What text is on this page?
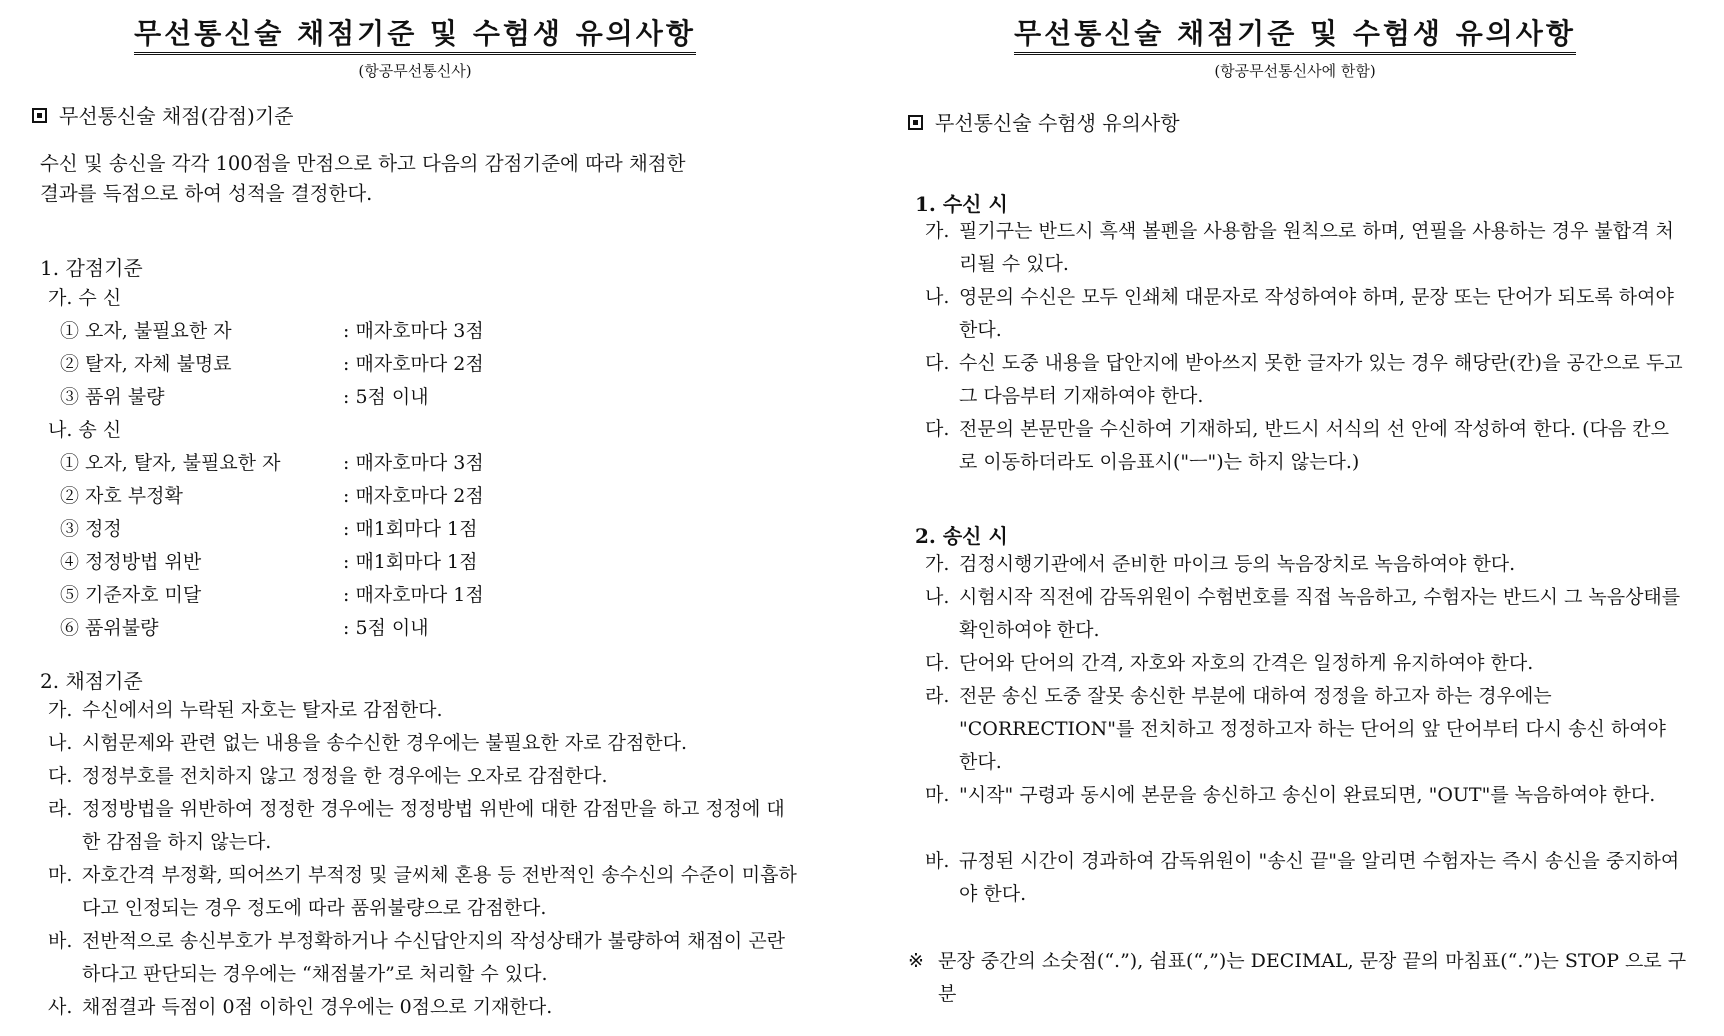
무선통신술 채점기준 및 수험생 유의사항
(항공무선통신사)
무선통신술 채점(감점)기준
수신 및 송신을 각각 100점을 만점으로 하고 다음의 감점기준에 따라 채점한
결과를 득점으로 하여 성적을 결정한다.
1. 감점기준
가. 수 신
① 오자, 불필요한 자	: 매자호마다 3점
② 탈자, 자체 불명료	: 매자호마다 2점
③ 품위 불량	: 5점 이내
나. 송 신
① 오자, 탈자, 불필요한 자	: 매자호마다 3점
② 자호 부정확	: 매자호마다 2점
③ 정정	: 매1회마다 1점
④ 정정방법 위반	: 매1회마다 1점
⑤ 기준자호 미달	: 매자호마다 1점
⑥ 품위불량	: 5점 이내
2. 채점기준
가. 수신에서의 누락된 자호는 탈자로 감점한다.
나. 시험문제와 관련 없는 내용을 송수신한 경우에는 불필요한 자로 감점한다.
다. 정정부호를 전치하지 않고 정정을 한 경우에는 오자로 감점한다.
라. 정정방법을 위반하여 정정한 경우에는 정정방법 위반에 대한 감점만을 하고 정정에 대한 감점을 하지 않는다.
마. 자호간격 부정확, 띄어쓰기 부적정 및 글씨체 혼용 등 전반적인 송수신의 수준이 미흡하다고 인정되는 경우 정도에 따라 품위불량으로 감점한다.
바. 전반적으로 송신부호가 부정확하거나 수신답안지의 작성상태가 불량하여 채점이 곤란하다고 판단되는 경우에는 “채점불가”로 처리할 수 있다.
사. 채점결과 득점이 0점 이하인 경우에는 0점으로 기재한다.
무선통신술 채점기준 및 수험생 유의사항
(항공무선통신사에 한함)
무선통신술 수험생 유의사항
1. 수신 시
가. 필기구는 반드시 흑색 볼펜을 사용함을 원칙으로 하며, 연필을 사용하는 경우 불합격 처리될 수 있다.
나. 영문의 수신은 모두 인쇄체 대문자로 작성하여야 하며, 문장 또는 단어가 되도록 하여야 한다.
다. 수신 도중 내용을 답안지에 받아쓰지 못한 글자가 있는 경우 해당란(칸)을 공간으로 두고 그 다음부터 기재하여야 한다.
다. 전문의 본문만을 수신하여 기재하되, 반드시 서식의 선 안에 작성하여 한다. (다음 칸으로 이동하더라도 이음표시("ㅡ")는 하지 않는다.)
2. 송신 시
가. 검정시행기관에서 준비한 마이크 등의 녹음장치로 녹음하여야 한다.
나. 시험시작 직전에 감독위원이 수험번호를 직접 녹음하고, 수험자는 반드시 그 녹음상태를 확인하여야 한다.
다. 단어와 단어의 간격, 자호와 자호의 간격은 일정하게 유지하여야 한다.
라. 전문 송신 도중 잘못 송신한 부분에 대하여 정정을 하고자 하는 경우에는 "CORRECTION"를 전치하고 정정하고자 하는 단어의 앞 단어부터 다시 송신 하여야 한다.
마. "시작" 구령과 동시에 본문을 송신하고 송신이 완료되면, "OUT"를 녹음하여야 한다.
바. 규정된 시간이 경과하여 감독위원이 "송신 끝"을 알리면 수험자는 즉시 송신을 중지하여야 한다.
※ 문장 중간의 소숫점(“.”), 쉼표(“,”)는 DECIMAL, 문장 끝의 마침표(“.”)는 STOP 으로 구분
